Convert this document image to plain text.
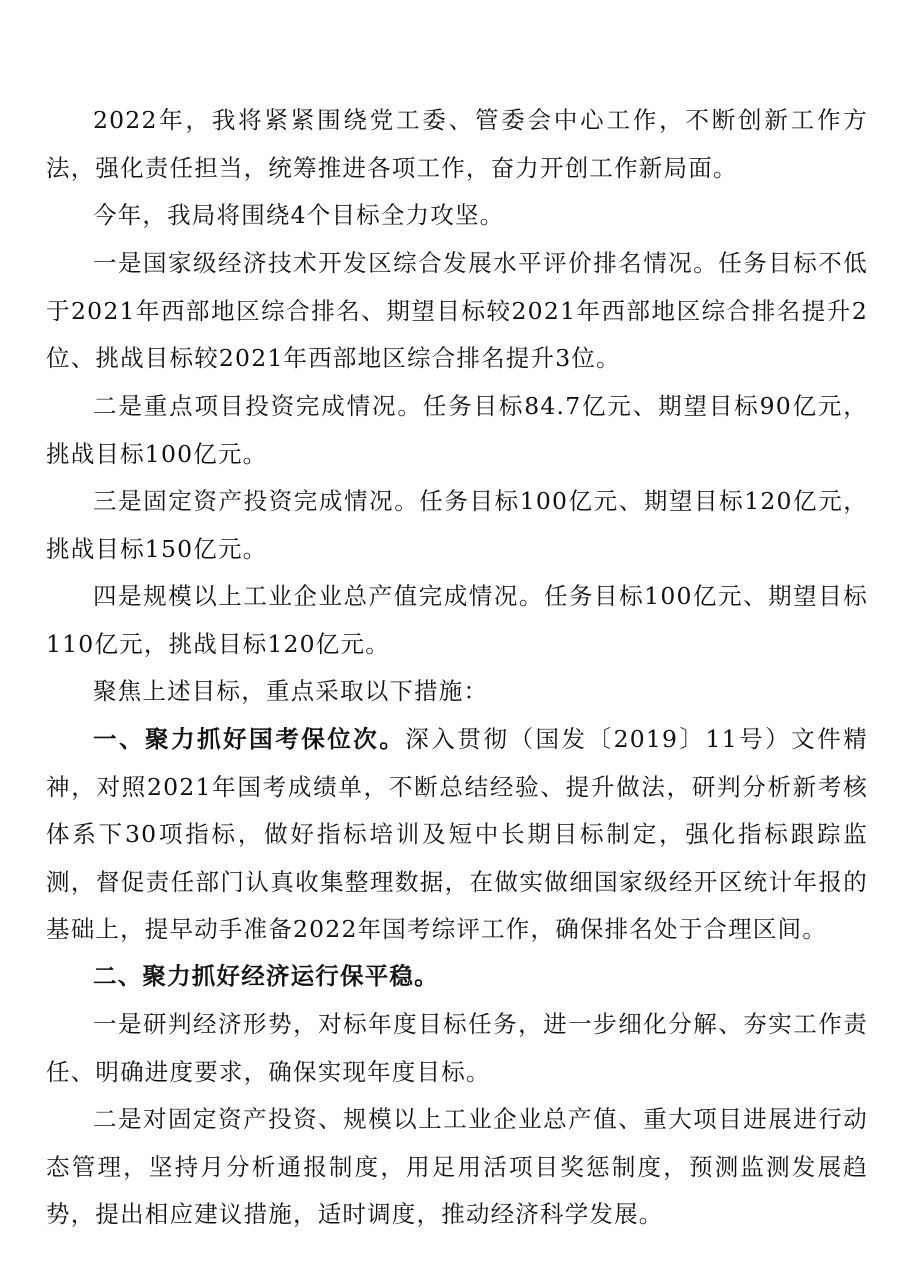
2022年，我将紧紧围绕党工委、管委会中心工作，不断创新工作方法，强化责任担当，统筹推进各项工作，奋力开创工作新局面。

今年，我局将围绕4个目标全力攻坚。

一是国家级经济技术开发区综合发展水平评价排名情况。任务目标不低于2021年西部地区综合排名、期望目标较2021年西部地区综合排名提升2位、挑战目标较2021年西部地区综合排名提升3位。

二是重点项目投资完成情况。任务目标84.7亿元、期望目标90亿元，挑战目标100亿元。

三是固定资产投资完成情况。任务目标100亿元、期望目标120亿元，挑战目标150亿元。

四是规模以上工业企业总产值完成情况。任务目标100亿元、期望目标110亿元，挑战目标120亿元。

聚焦上述目标，重点采取以下措施：

一、聚力抓好国考保位次。深入贯彻（国发〔2019〕11号）文件精神，对照2021年国考成绩单，不断总结经验、提升做法，研判分析新考核体系下30项指标，做好指标培训及短中长期目标制定，强化指标跟踪监测，督促责任部门认真收集整理数据，在做实做细国家级经开区统计年报的基础上，提早动手准备2022年国考综评工作，确保排名处于合理区间。

二、聚力抓好经济运行保平稳。

一是研判经济形势，对标年度目标任务，进一步细化分解、夯实工作责任、明确进度要求，确保实现年度目标。

二是对固定资产投资、规模以上工业企业总产值、重大项目进展进行动态管理，坚持月分析通报制度，用足用活项目奖惩制度，预测监测发展趋势，提出相应建议措施，适时调度，推动经济科学发展。
